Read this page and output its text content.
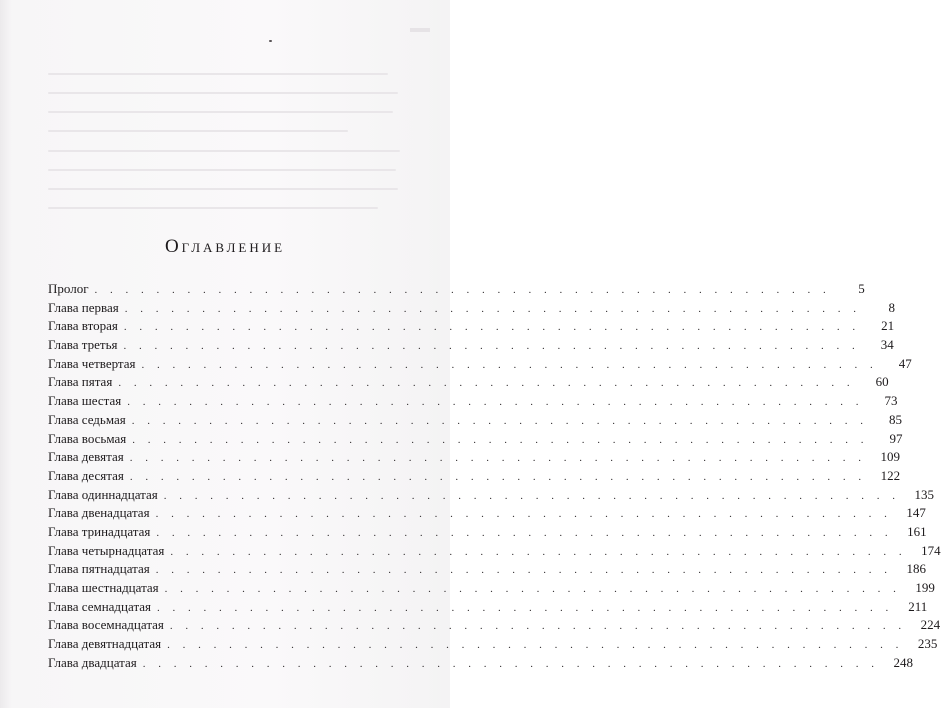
Оглавление
Пролог . . . . . . . . . . . . . . . . . . . . . . . . . . . . . . . . . . . . . . . . . . . . . . . .	5
Глава первая . . . . . . . . . . . . . . . . . . . . . . . . . . . . . . . . . . . . . . . . . . . . . . . .	8
Глава вторая . . . . . . . . . . . . . . . . . . . . . . . . . . . . . . . . . . . . . . . . . . . . . . . .	21
Глава третья . . . . . . . . . . . . . . . . . . . . . . . . . . . . . . . . . . . . . . . . . . . . . . . .	34
Глава четвертая . . . . . . . . . . . . . . . . . . . . . . . . . . . . . . . . . . . . . . . . . . . . . . . .	47
Глава пятая . . . . . . . . . . . . . . . . . . . . . . . . . . . . . . . . . . . . . . . . . . . . . . . .	60
Глава шестая . . . . . . . . . . . . . . . . . . . . . . . . . . . . . . . . . . . . . . . . . . . . . . . .	73
Глава седьмая . . . . . . . . . . . . . . . . . . . . . . . . . . . . . . . . . . . . . . . . . . . . . . . .	85
Глава восьмая . . . . . . . . . . . . . . . . . . . . . . . . . . . . . . . . . . . . . . . . . . . . . . . .	97
Глава девятая . . . . . . . . . . . . . . . . . . . . . . . . . . . . . . . . . . . . . . . . . . . . . . . .	109
Глава десятая . . . . . . . . . . . . . . . . . . . . . . . . . . . . . . . . . . . . . . . . . . . . . . . .	122
Глава одиннадцатая . . . . . . . . . . . . . . . . . . . . . . . . . . . . . . . . . . . . . . . . . . . . . . . .	135
Глава двенадцатая . . . . . . . . . . . . . . . . . . . . . . . . . . . . . . . . . . . . . . . . . . . . . . . .	147
Глава тринадцатая . . . . . . . . . . . . . . . . . . . . . . . . . . . . . . . . . . . . . . . . . . . . . . . .	161
Глава четырнадцатая . . . . . . . . . . . . . . . . . . . . . . . . . . . . . . . . . . . . . . . . . . . . . . . .	174
Глава пятнадцатая . . . . . . . . . . . . . . . . . . . . . . . . . . . . . . . . . . . . . . . . . . . . . . . .	186
Глава шестнадцатая . . . . . . . . . . . . . . . . . . . . . . . . . . . . . . . . . . . . . . . . . . . . . . . .	199
Глава семнадцатая . . . . . . . . . . . . . . . . . . . . . . . . . . . . . . . . . . . . . . . . . . . . . . . .	211
Глава восемнадцатая . . . . . . . . . . . . . . . . . . . . . . . . . . . . . . . . . . . . . . . . . . . . . . . .	224
Глава девятнадцатая . . . . . . . . . . . . . . . . . . . . . . . . . . . . . . . . . . . . . . . . . . . . . . . .	235
Глава двадцатая . . . . . . . . . . . . . . . . . . . . . . . . . . . . . . . . . . . . . . . . . . . . . . . .	248
